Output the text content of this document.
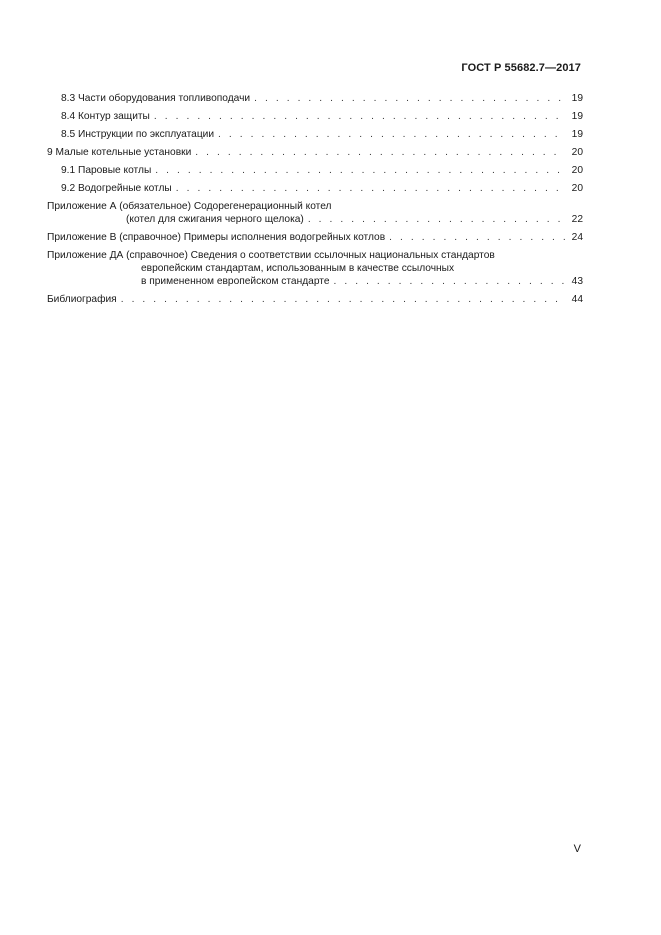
ГОСТ Р 55682.7—2017
8.3 Части оборудования топливоподачи . . .	19
8.4 Контур защиты . . .	19
8.5 Инструкции по эксплуатации . . .	19
9 Малые котельные установки . . .	20
9.1 Паровые котлы . . .	20
9.2 Водогрейные котлы . . .	20
Приложение А (обязательное) Содорегенерационный котел
(котел для сжигания черного щелока) . . .	22
Приложение В (справочное) Примеры исполнения водогрейных котлов . . .	24
Приложение ДА (справочное) Сведения о соответствии ссылочных национальных стандартов
европейским стандартам, использованным в качестве ссылочных
в примененном европейском стандарте . . .	43
Библиография . . .	44
V
